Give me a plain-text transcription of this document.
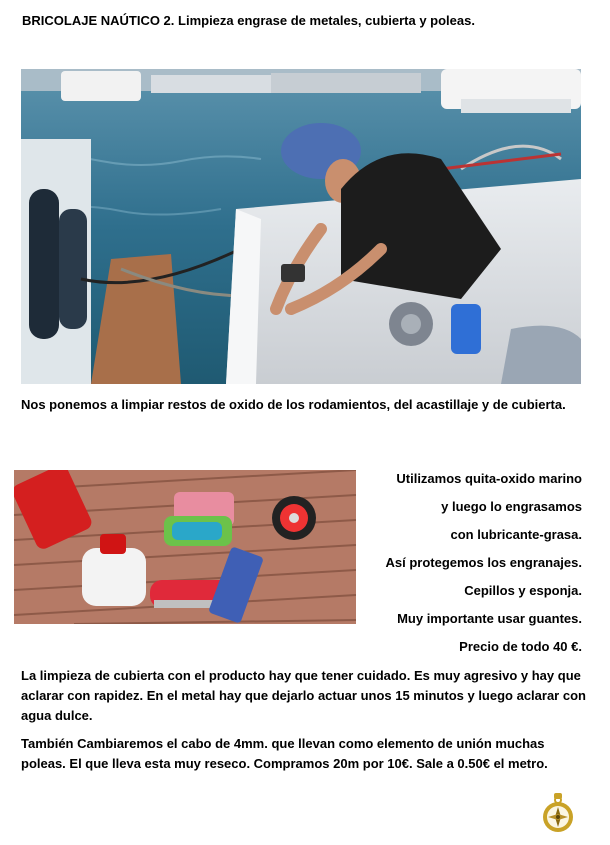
BRICOLAJE NAÚTICO 2. Limpieza engrase de metales, cubierta y poleas.
Nos ponemos a limpiar restos de oxido de los rodamientos, del acastillaje y de cubierta.
Utilizamos quita-oxido marino
y luego lo engrasamos
con lubricante-grasa.
Así protegemos los engranajes.
Cepillos y esponja.
Muy importante usar guantes.
Precio de todo 40 €.
La limpieza de cubierta con el producto hay que tener cuidado. Es muy agresivo y hay que aclarar con rapidez. En el metal hay que dejarlo actuar unos 15 minutos y luego aclarar con agua dulce.
También Cambiaremos el cabo de 4mm. que llevan como elemento de unión muchas poleas. El que lleva esta muy reseco. Compramos 20m por 10€. Sale a 0.50€ el metro.
